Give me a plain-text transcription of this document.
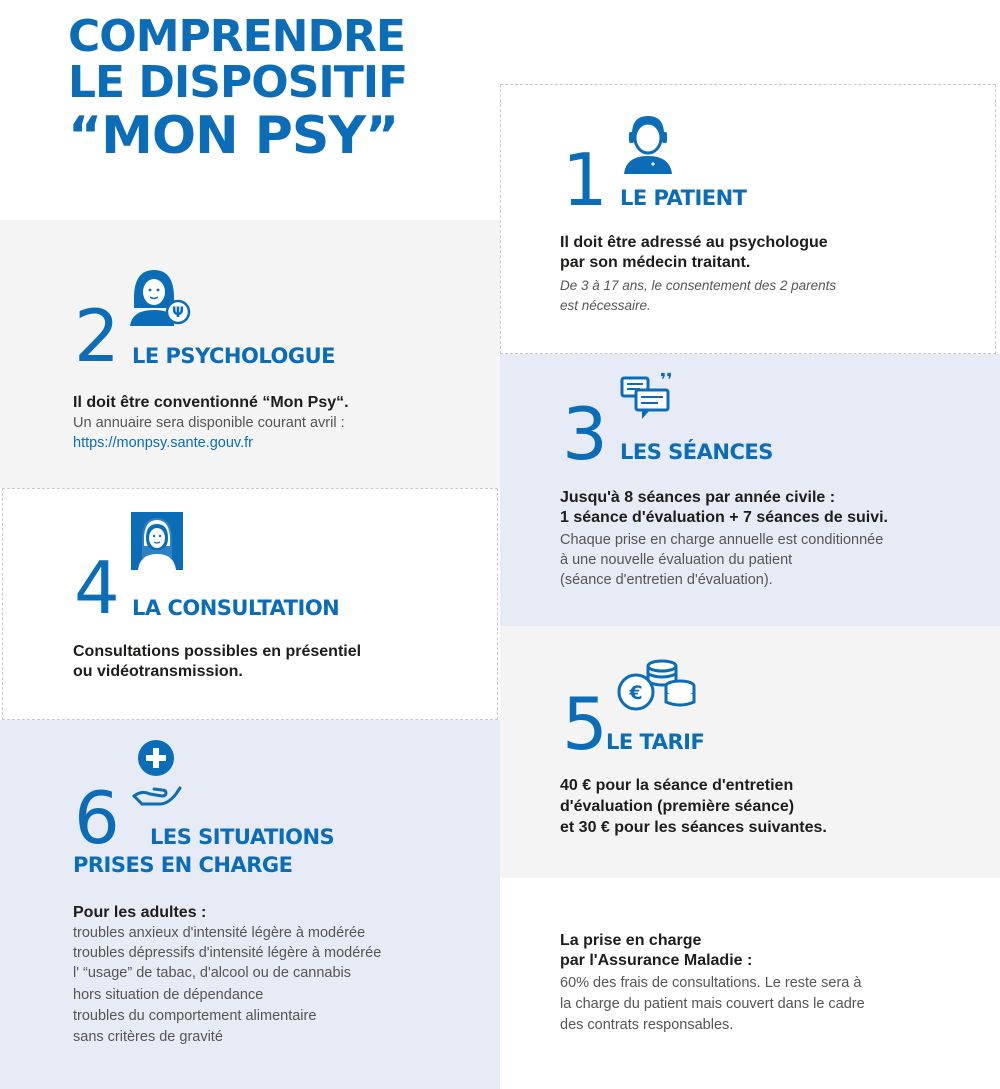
COMPRENDRE
LE DISPOSITIF
“MON PSY”
1 LE PATIENT
Il doit être adressé au psychologue
par son médecin traitant.
De 3 à 17 ans, le consentement des 2 parents
est nécessaire.
Ψ
2 LE PSYCHOLOGUE
Il doit être conventionné “Mon Psy“.
Un annuaire sera disponible courant avril :
https://monpsy.sante.gouv.fr
❜❜
3 LES SÉANCES
Jusqu'à 8 séances par année civile :
1 séance d'évaluation + 7 séances de suivi.
Chaque prise en charge annuelle est conditionnée
à une nouvelle évaluation du patient
(séance d'entretien d'évaluation).
4 LA CONSULTATION
Consultations possibles en présentiel
ou vidéotransmission.
€
5
LE TARIF
40 € pour la séance d'entretien
d'évaluation (première séance)
et 30 € pour les séances suivantes.
6 LES SITUATIONS
PRISES EN CHARGE
Pour les adultes :
troubles anxieux d'intensité légère à modérée
troubles dépressifs d'intensité légère à modérée
l' “usage” de tabac, d'alcool ou de cannabis
hors situation de dépendance
troubles du comportement alimentaire
sans critères de gravité
La prise en charge
par l'Assurance Maladie :
60% des frais de consultations. Le reste sera à
la charge du patient mais couvert dans le cadre
des contrats responsables.
